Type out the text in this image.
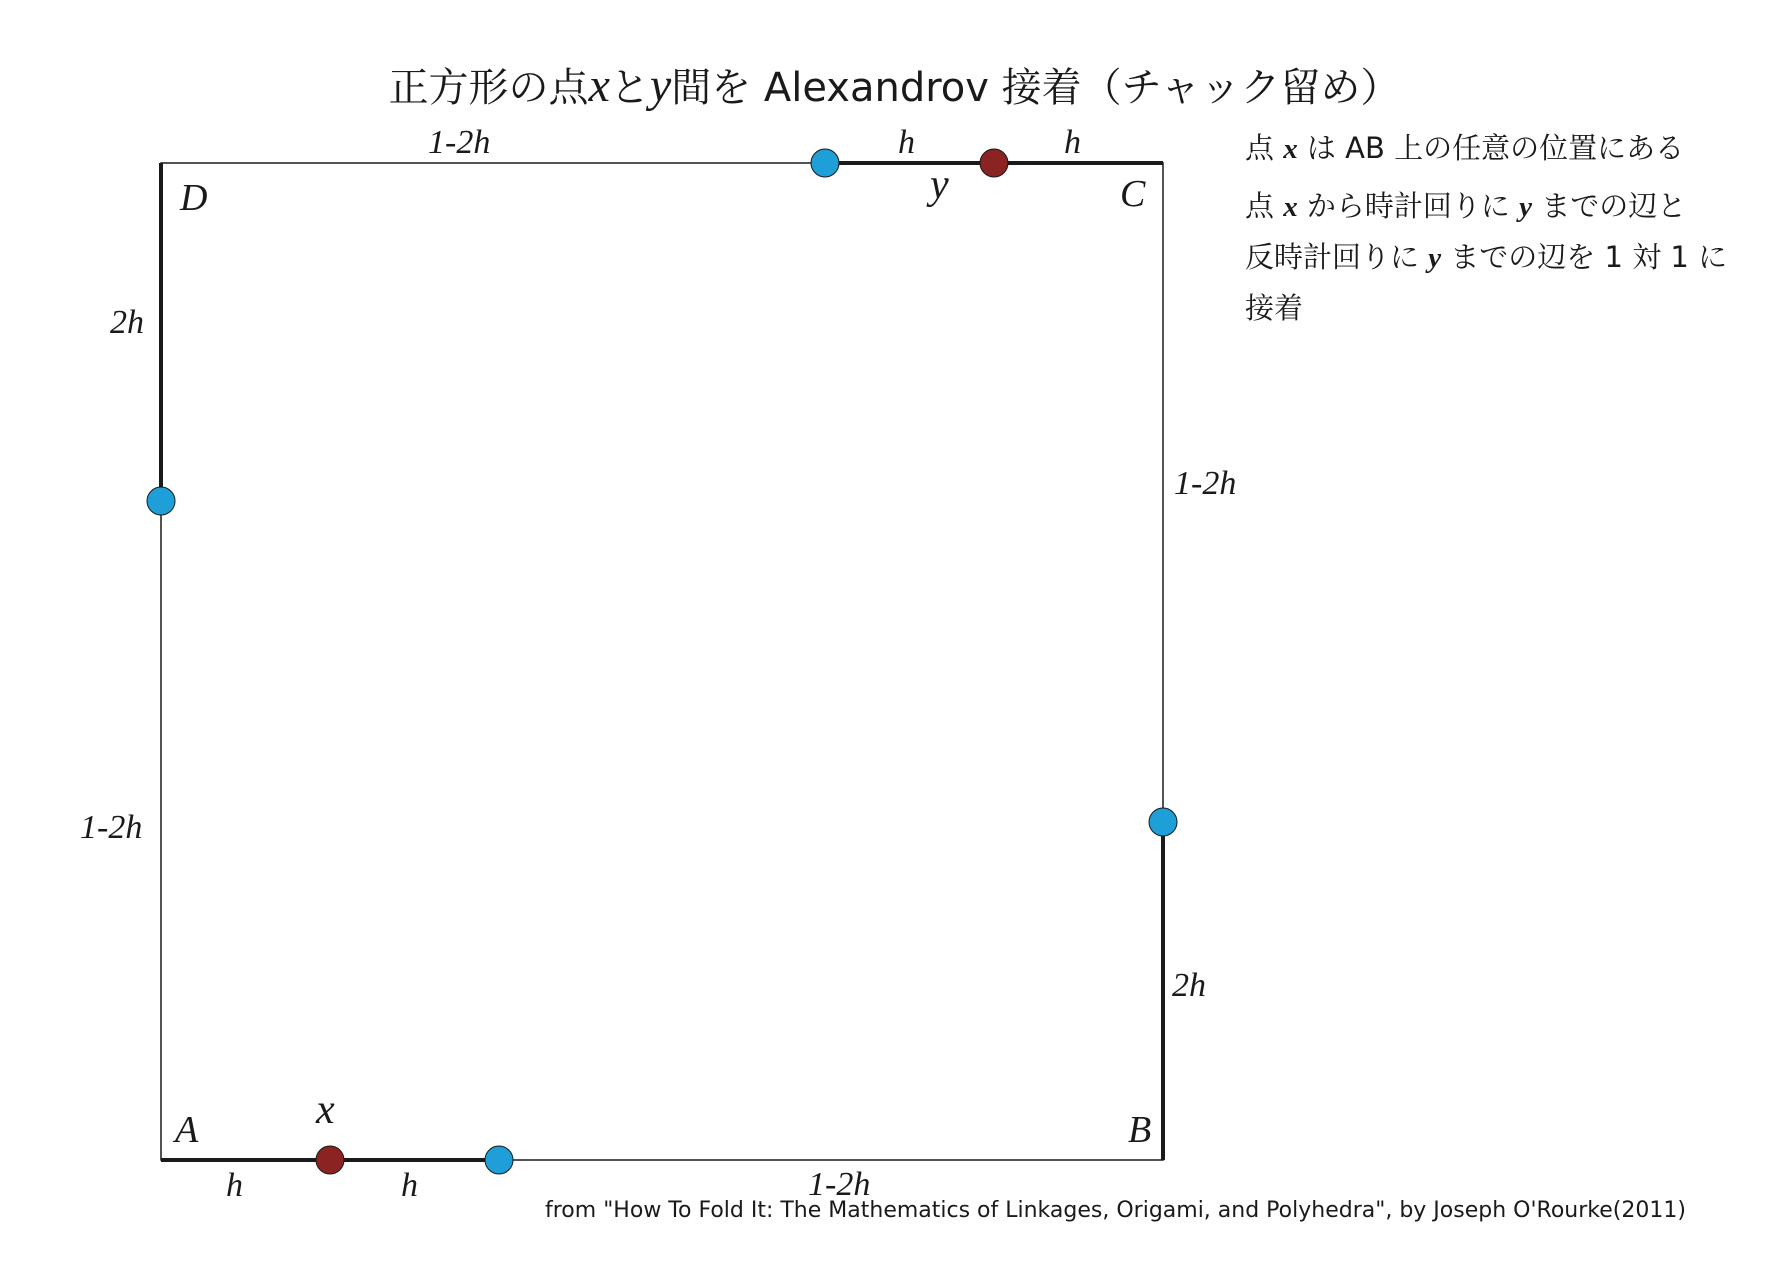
正方形の点xとy間を Alexandrov 接着（チャック留め）
点 x は AB 上の任意の位置にある
点 x から時計回りに y までの辺と
反時計回りに y までの辺を 1 対 1 に
接着
A	B
C
D
x
y
h	h	1-2h
2h
1-2h
1-2h	h	h
2h
1-2h
from "How To Fold It: The Mathematics of Linkages, Origami, and Polyhedra", by Joseph O'Rourke(2011)
